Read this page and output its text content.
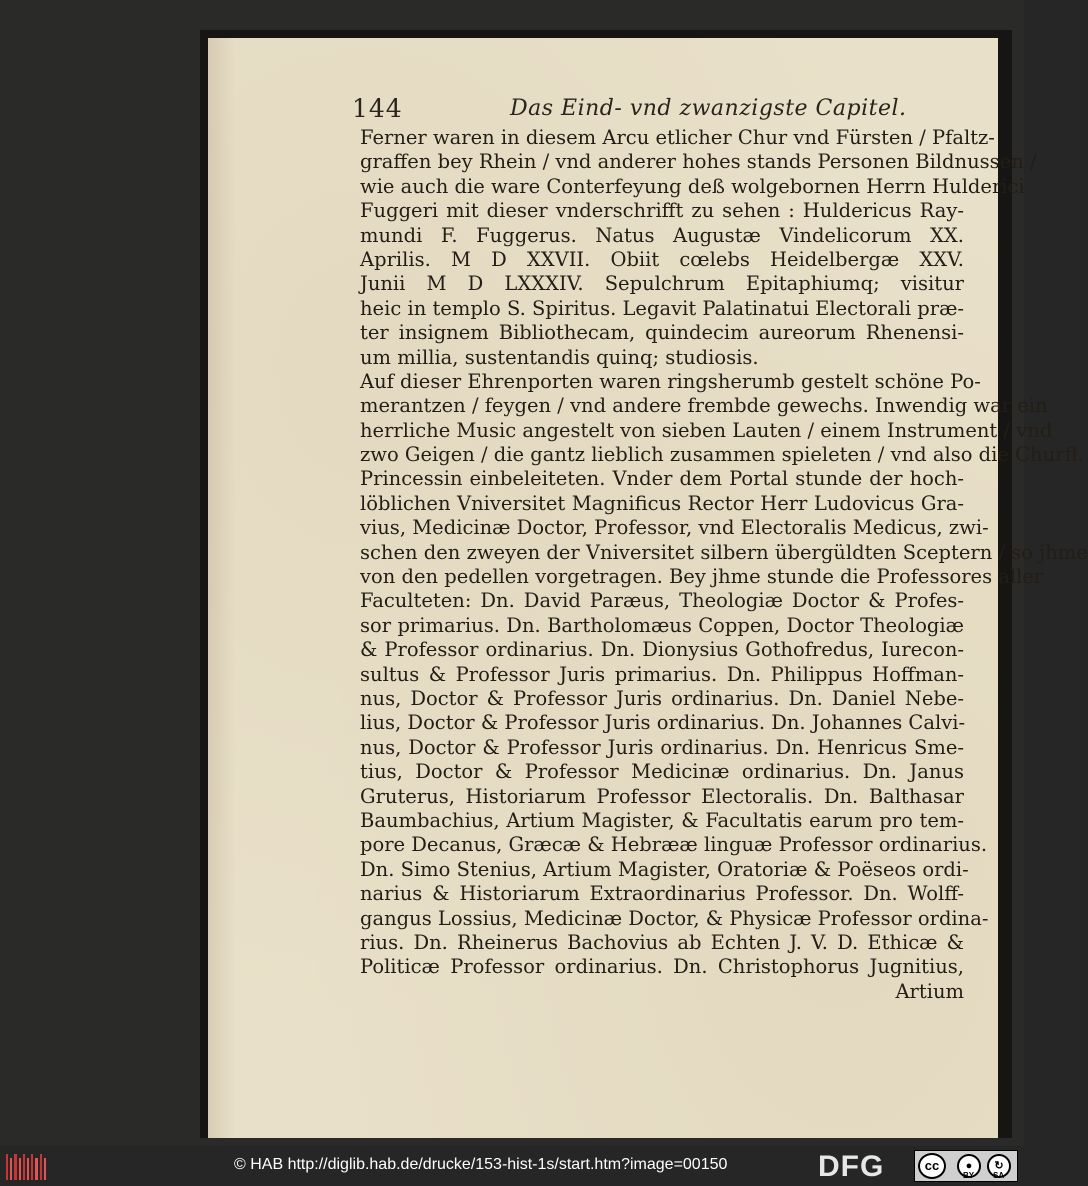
144	Das Eind- vnd zwanzigste Capitel.
Ferner waren in diesem Arcu etlicher Chur vnd Fürsten / Pfaltz-
graffen bey Rhein / vnd anderer hohes stands Personen Bildnussen /
wie auch die ware Conterfeyung deß wolgebornen Herrn Hulderici
Fuggeri mit dieser vnderschrifft zu sehen : Huldericus Ray-
mundi F. Fuggerus. Natus Augustæ Vindelicorum XX.
Aprilis. M D XXVII. Obiit cœlebs Heidelbergæ XXV.
Junii M D LXXXIV. Sepulchrum Epitaphiumq; visitur
heic in templo S. Spiritus. Legavit Palatinatui Electorali præ-
ter insignem Bibliothecam, quindecim aureorum Rhenensi-
um millia, sustentandis quinq; studiosis.
Auf dieser Ehrenporten waren ringsherumb gestelt schöne Po-
merantzen / feygen / vnd andere frembde gewechs. Inwendig war ein
herrliche Music angestelt von sieben Lauten / einem Instrument / vnd
zwo Geigen / die gantz lieblich zusammen spieleten / vnd also die Churfl.
Princessin einbeleiteten. Vnder dem Portal stunde der hoch-
löblichen Vniversitet Magnificus Rector Herr Ludovicus Gra-
vius, Medicinæ Doctor, Professor, vnd Electoralis Medicus, zwi-
schen den zweyen der Vniversitet silbern übergüldten Sceptern / so jhme
von den pedellen vorgetragen. Bey jhme stunde die Professores aller
Faculteten: Dn. David Paræus, Theologiæ Doctor & Profes-
sor primarius. Dn. Bartholomæus Coppen, Doctor Theologiæ
& Professor ordinarius. Dn. Dionysius Gothofredus, Iurecon-
sultus & Professor Juris primarius. Dn. Philippus Hoffman-
nus, Doctor & Professor Juris ordinarius. Dn. Daniel Nebe-
lius, Doctor & Professor Juris ordinarius. Dn. Johannes Calvi-
nus, Doctor & Professor Juris ordinarius. Dn. Henricus Sme-
tius, Doctor & Professor Medicinæ ordinarius. Dn. Janus
Gruterus, Historiarum Professor Electoralis. Dn. Balthasar
Baumbachius, Artium Magister, & Facultatis earum pro tem-
pore Decanus, Græcæ & Hebrææ linguæ Professor ordinarius.
Dn. Simo Stenius, Artium Magister, Oratoriæ & Poëseos ordi-
narius & Historiarum Extraordinarius Professor. Dn. Wolff-
gangus Lossius, Medicinæ Doctor, & Physicæ Professor ordina-
rius. Dn. Rheinerus Bachovius ab Echten J. V. D. Ethicæ &
Politicæ Professor ordinarius. Dn. Christophorus Jugnitius,
Artium
© HAB http://diglib.hab.de/drucke/153-hist-1s/start.htm?image=00150	DFG	cc	●	↻
BY SA
